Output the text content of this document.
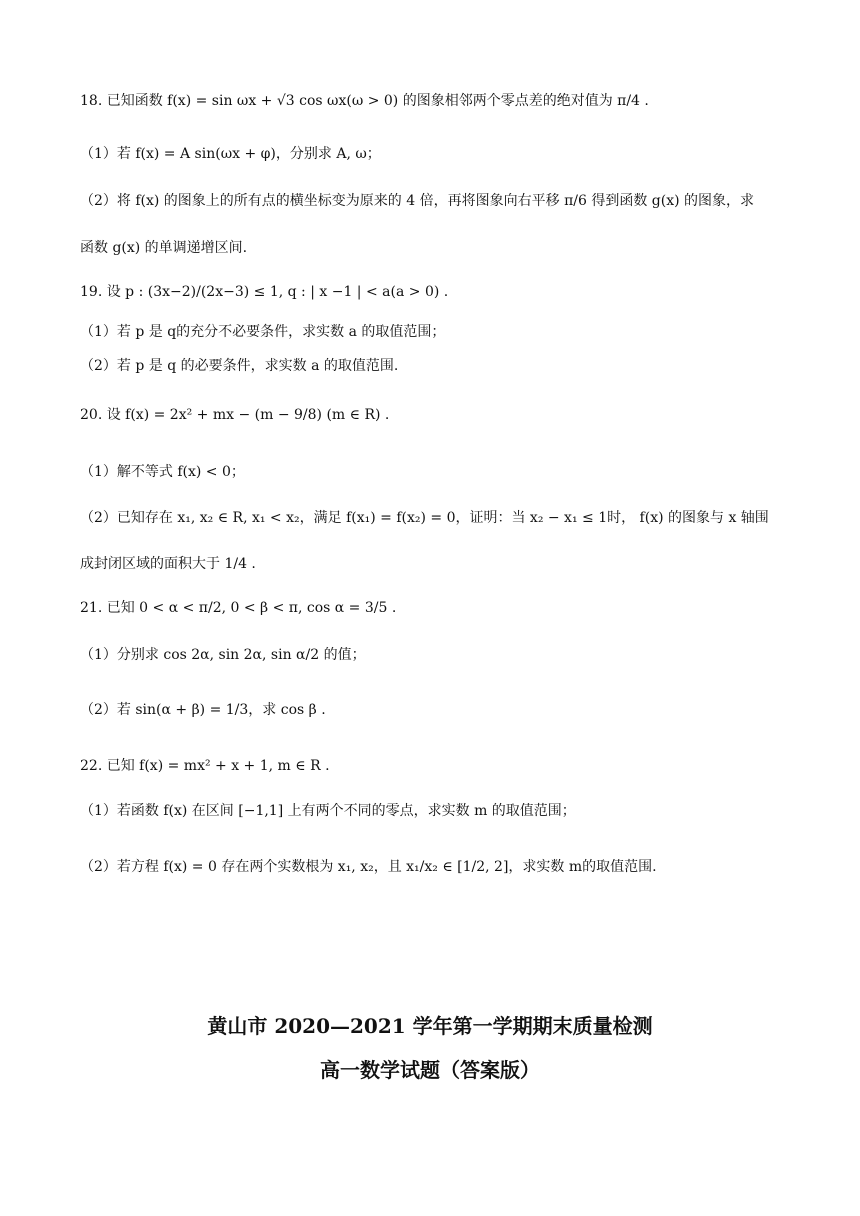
18. 已知函数 f(x) = sin ωx + √3 cos ωx(ω > 0) 的图象相邻两个零点差的绝对值为 π/4 .
（1）若 f(x) = A sin(ωx + φ)，分别求 A, ω；
（2）将 f(x) 的图象上的所有点的横坐标变为原来的 4 倍，再将图象向右平移 π/6 得到函数 g(x) 的图象，求
函数 g(x) 的单调递增区间.
19. 设 p : (3x−2)/(2x−3) ≤ 1, q : | x −1 | < a(a > 0) .
（1）若 p 是 q的充分不必要条件，求实数 a 的取值范围；
（2）若 p 是 q 的必要条件，求实数 a 的取值范围.
20. 设 f(x) = 2x² + mx − (m − 9/8) (m ∈ R) .
（1）解不等式 f(x) < 0；
（2）已知存在 x₁, x₂ ∈ R, x₁ < x₂，满足 f(x₁) = f(x₂) = 0，证明：当 x₂ − x₁ ≤ 1时， f(x) 的图象与 x 轴围
成封闭区域的面积大于 1/4 .
21. 已知 0 < α < π/2, 0 < β < π, cos α = 3/5 .
（1）分别求 cos 2α, sin 2α, sin α/2 的值；
（2）若 sin(α + β) = 1/3，求 cos β .
22. 已知 f(x) = mx² + x + 1, m ∈ R .
（1）若函数 f(x) 在区间 [−1,1] 上有两个不同的零点，求实数 m 的取值范围；
（2）若方程 f(x) = 0 存在两个实数根为 x₁, x₂，且 x₁/x₂ ∈ [1/2, 2]，求实数 m的取值范围.
黄山市 2020—2021 学年第一学期期末质量检测
高一数学试题（答案版）
